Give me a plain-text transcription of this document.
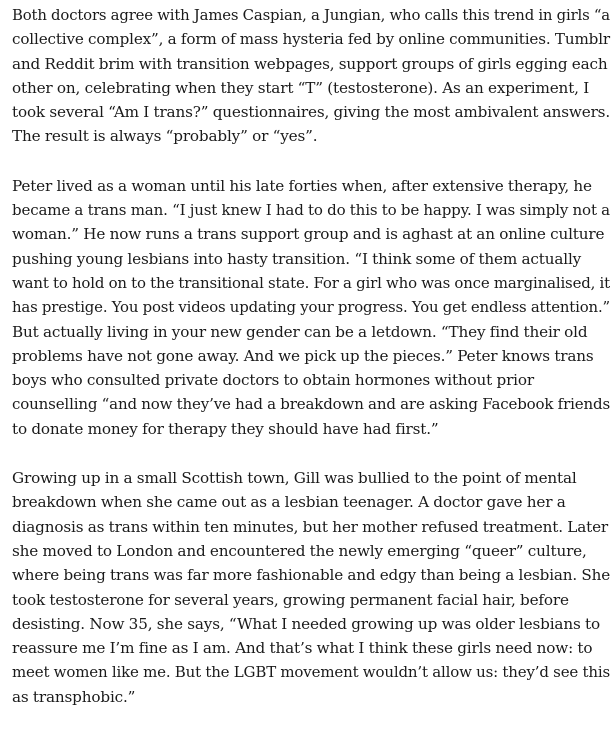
Both doctors agree with James Caspian, a Jungian, who calls this trend in girls “a
collective complex”, a form of mass hysteria fed by online communities. Tumblr
and Reddit brim with transition webpages, support groups of girls egging each
other on, celebrating when they start “T” (testosterone). As an experiment, I
took several “Am I trans?” questionnaires, giving the most ambivalent answers.
The result is always “probably” or “yes”.

Peter lived as a woman until his late forties when, after extensive therapy, he
became a trans man. “I just knew I had to do this to be happy. I was simply not a
woman.” He now runs a trans support group and is aghast at an online culture
pushing young lesbians into hasty transition. “I think some of them actually
want to hold on to the transitional state. For a girl who was once marginalised, it
has prestige. You post videos updating your progress. You get endless attention.”
But actually living in your new gender can be a letdown. “They find their old
problems have not gone away. And we pick up the pieces.” Peter knows trans
boys who consulted private doctors to obtain hormones without prior
counselling “and now they’ve had a breakdown and are asking Facebook friends
to donate money for therapy they should have had first.”

Growing up in a small Scottish town, Gill was bullied to the point of mental
breakdown when she came out as a lesbian teenager. A doctor gave her a
diagnosis as trans within ten minutes, but her mother refused treatment. Later
she moved to London and encountered the newly emerging “queer” culture,
where being trans was far more fashionable and edgy than being a lesbian. She
took testosterone for several years, growing permanent facial hair, before
desisting. Now 35, she says, “What I needed growing up was older lesbians to
reassure me I’m fine as I am. And that’s what I think these girls need now: to
meet women like me. But the LGBT movement wouldn’t allow us: they’d see this
as transphobic.”
